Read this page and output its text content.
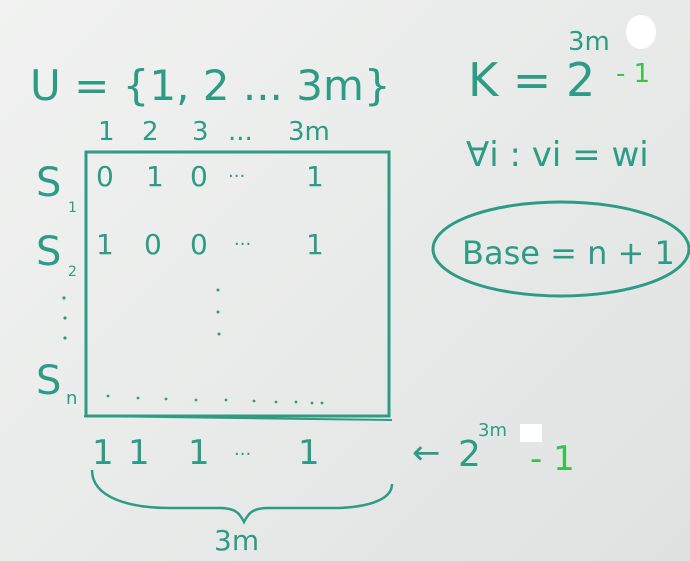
U = {1, 2 ... 3m}
1 2 3 ... 3m
S
1
S 2
S n
0 1 0 ··· 1
1 0 0 ··· 1
1 1 1 ··· 1
3m
K = 2
3m
- 1
∀i : vi = wi
Base = n + 1
← 2
3m
- 1
